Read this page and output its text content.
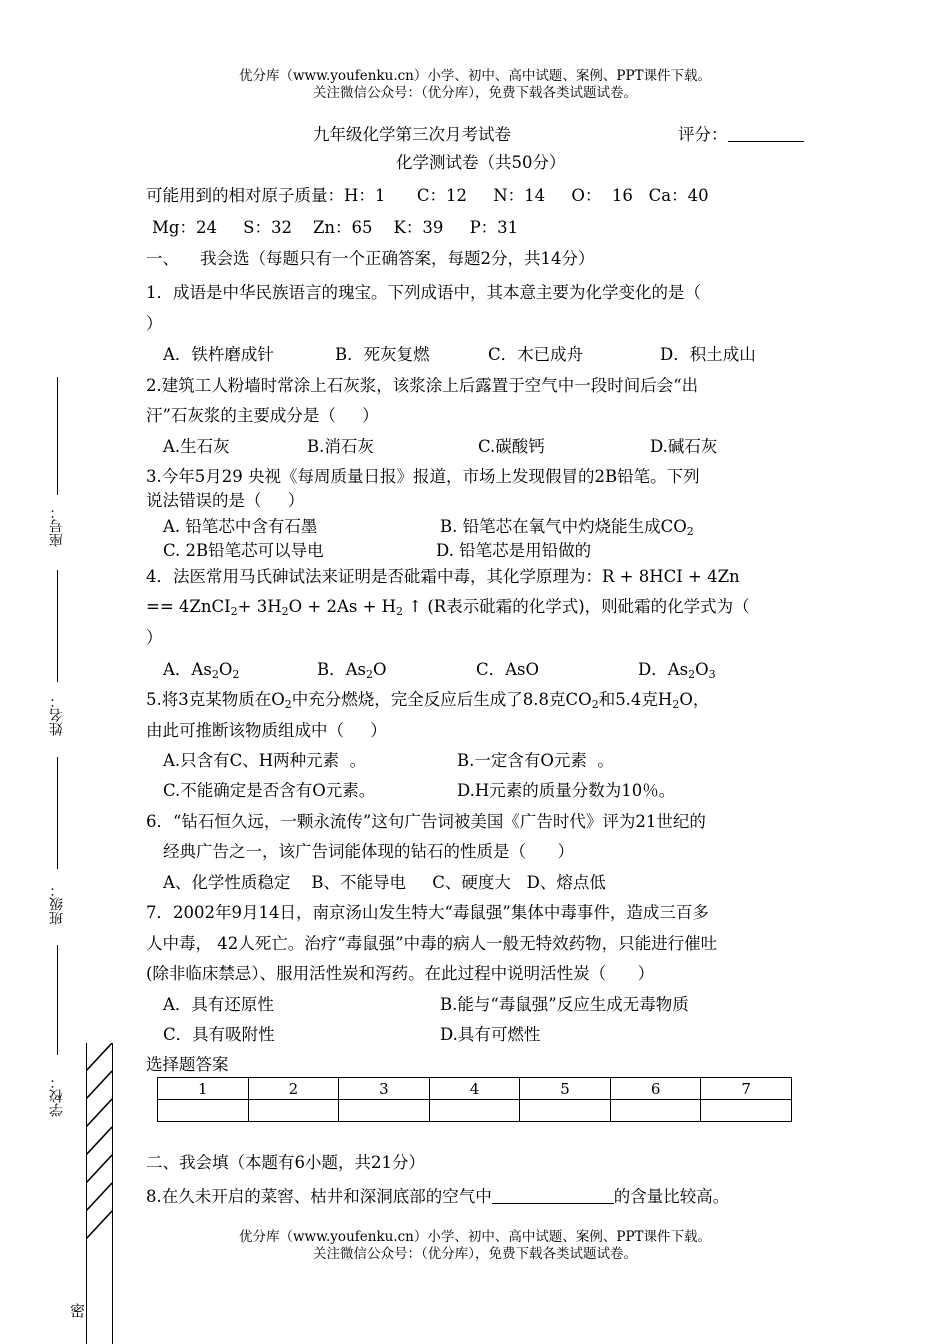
优分库（www.youfenku.cn）小学、初中、高中试题、案例、PPT课件下载。
关注微信公众号：（优分库），免费下载各类试题试卷。
九年级化学第三次月考试卷	评分：
化学测试卷（共50分）
可能用到的相对原子质量：H：1      C：12     N：14     O：  16   Ca：40
Mg：24     S：32    Zn：65    K：39     P：31
一、    我会选（每题只有一个正确答案，每题2分，共14分）
1．成语是中华民族语言的瑰宝。下列成语中，其本意主要为化学变化的是（
）
A．铁杵磨成针	B．死灰复燃	C．木已成舟	D．积土成山
2.建筑工人粉墙时常涂上石灰浆，该浆涂上后露置于空气中一段时间后会“出
汗”石灰浆的主要成分是（     ）
A.生石灰	B.消石灰	C.碳酸钙	D.碱石灰
3.今年5月29 央视《每周质量日报》报道，市场上发现假冒的2B铅笔。下列
说法错误的是（     ）
A. 铅笔芯中含有石墨	B. 铅笔芯在氧气中灼烧能生成$CO_2$
C. 2B铅笔芯可以导电	D. 铅笔芯是用铅做的
4．法医常用马氏砷试法来证明是否砒霜中毒，其化学原理为：R + 8HCI + 4Zn
== 4ZnCI$_2$+ $3H_2O + 2As + H_2$ ↑ (R表示砒霜的化学式)，则砒霜的化学式为（
）
A．$As_2O_2$	B．$As_2O$	C．AsO	D．$As_2O_3$
5.将3克某物质在$O_2$中充分燃烧，完全反应后生成了8.8克$CO_2$和5.4克$H_2O$，
由此可推断该物质组成中（     ）
A.只含有C、H两种元素  。	B.一定含有O元素  。
C.不能确定是否含有O元素。	D.H元素的质量分数为10％。
6．“钻石恒久远，一颗永流传”这句广告词被美国《广告时代》评为21世纪的
经典广告之一，该广告词能体现的钻石的性质是（      ）
A、化学性质稳定    B、不能导电     C、硬度大   D、熔点低
7．2002年9月14日，南京汤山发生特大“毒鼠强”集体中毒事件，造成三百多
人中毒， 42人死亡。治疗“毒鼠强”中毒的病人一般无特效药物，只能进行催吐
(除非临床禁忌）、服用活性炭和泻药。在此过程中说明活性炭（      ）
A．具有还原性	B.能与“毒鼠强”反应生成无毒物质
C．具有吸附性	D.具有可燃性
选择题答案
1	2	3	4	5	6	7

二、我会填（本题有6小题，共21分）
8.在久未开启的菜窖、枯井和深洞底部的空气中	的含量比较高。
优分库（www.youfenku.cn）小学、初中、高中试题、案例、PPT课件下载。
关注微信公众号：（优分库），免费下载各类试题试卷。
座号：
姓名：
班级：
学校：
密
